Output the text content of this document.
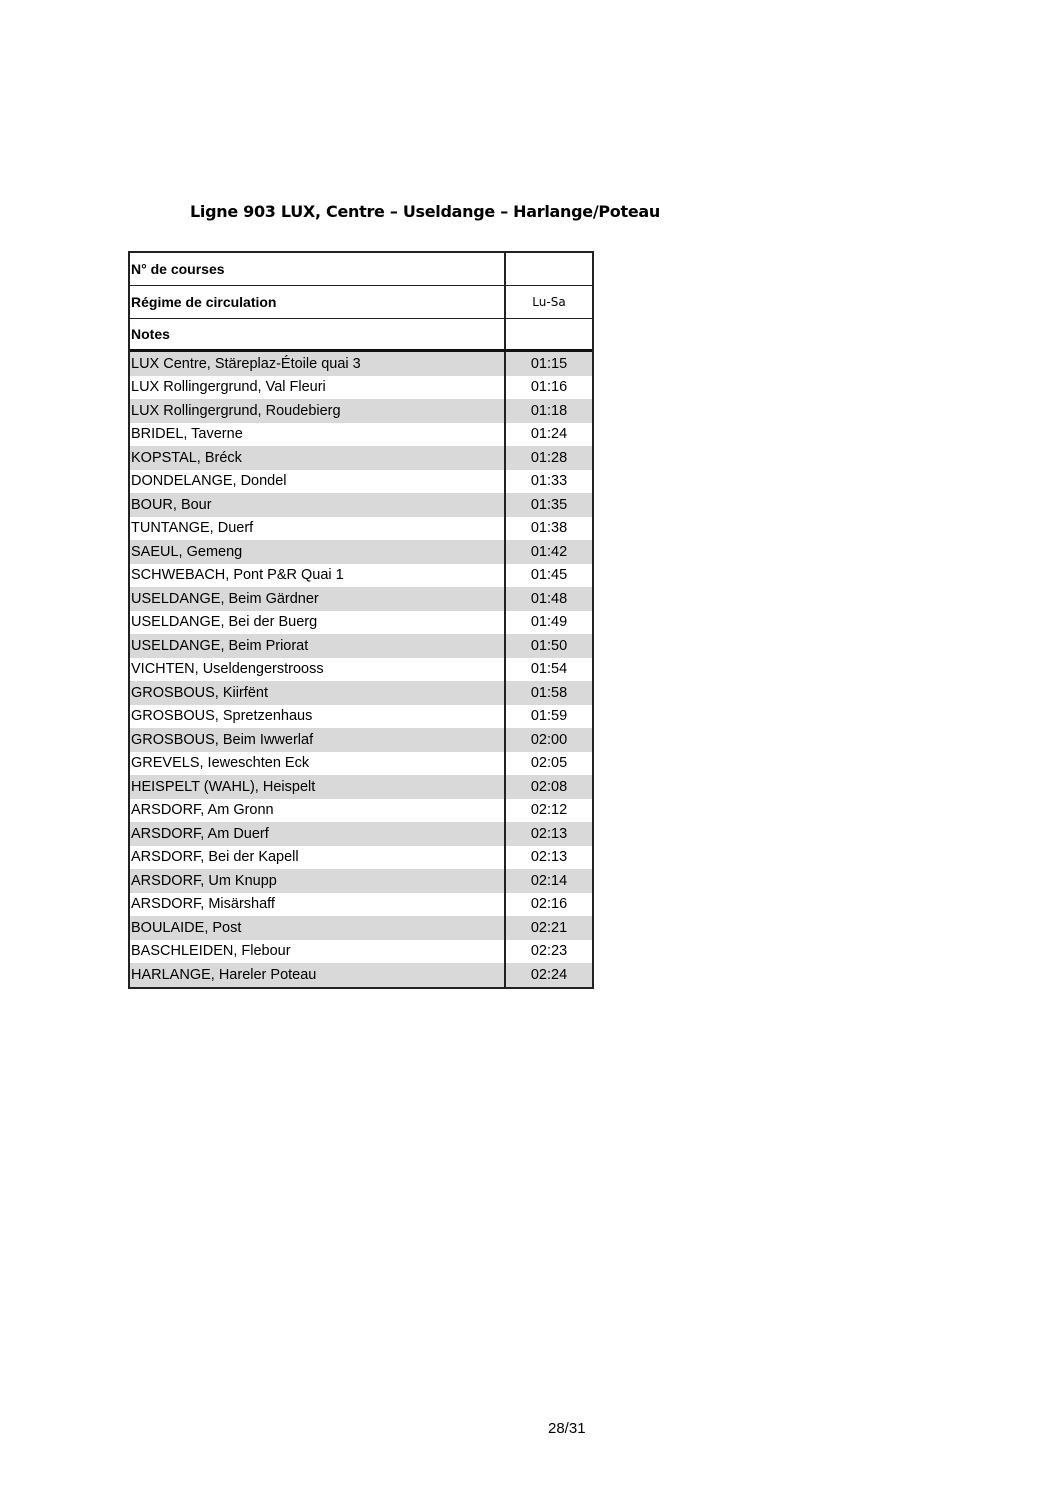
Ligne 903 LUX, Centre – Useldange – Harlange/Poteau
N° de courses
Régime de circulation	Lu-Sa
Notes
LUX Centre, Stäreplaz-Étoile quai 3	01:15
LUX Rollingergrund, Val Fleuri	01:16
LUX Rollingergrund, Roudebierg	01:18
BRIDEL, Taverne	01:24
KOPSTAL, Bréck	01:28
DONDELANGE, Dondel	01:33
BOUR, Bour	01:35
TUNTANGE, Duerf	01:38
SAEUL, Gemeng	01:42
SCHWEBACH, Pont P&R Quai 1	01:45
USELDANGE, Beim Gärdner	01:48
USELDANGE, Bei der Buerg	01:49
USELDANGE, Beim Priorat	01:50
VICHTEN, Useldengerstrooss	01:54
GROSBOUS, Kiirfënt	01:58
GROSBOUS, Spretzenhaus	01:59
GROSBOUS, Beim Iwwerlaf	02:00
GREVELS, Ieweschten Eck	02:05
HEISPELT (WAHL), Heispelt	02:08
ARSDORF, Am Gronn	02:12
ARSDORF, Am Duerf	02:13
ARSDORF, Bei der Kapell	02:13
ARSDORF, Um Knupp	02:14
ARSDORF, Misärshaff	02:16
BOULAIDE, Post	02:21
BASCHLEIDEN, Flebour	02:23
HARLANGE, Hareler Poteau	02:24
28/31
